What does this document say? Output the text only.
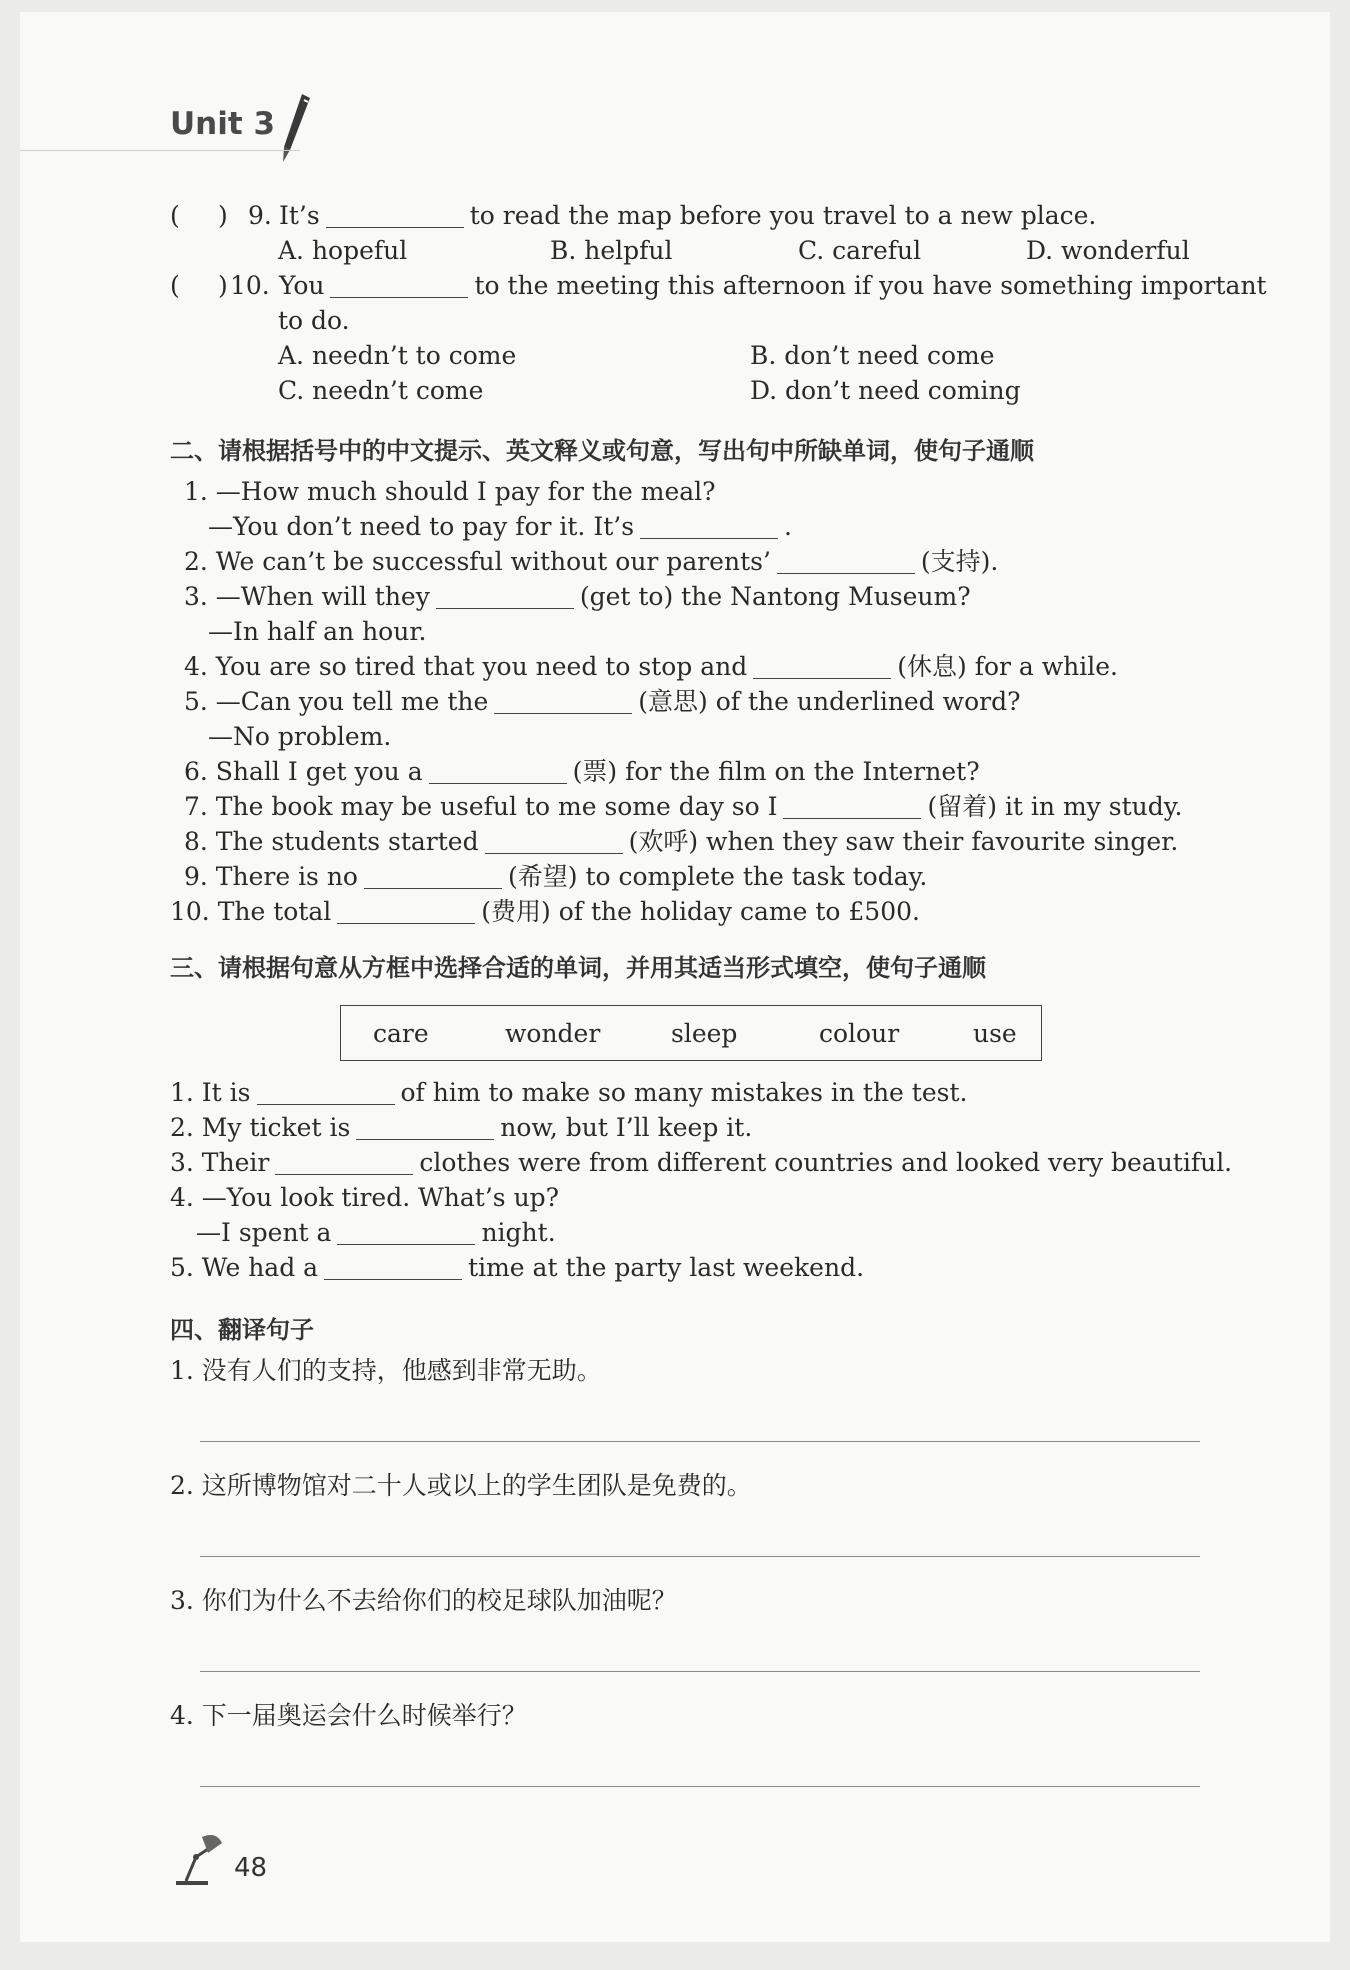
Unit 3
( ) 9. It’s	to read the map before you travel to a new place.
A. hopeful	B. helpful	C. careful	D. wonderful
( ) 10. You	to the meeting this afternoon if you have something important
to do.
A. needn’t to come	B. don’t need come
C. needn’t come	D. don’t need coming
二、请根据括号中的中文提示、英文释义或句意，写出句中所缺单词，使句子通顺
1. —How much should I pay for the meal?
—You don’t need to pay for it. It’s	.
2. We can’t be successful without our parents’	(支持).
3. —When will they	(get to) the Nantong Museum?
—In half an hour.
4. You are so tired that you need to stop and	(休息) for a while.
5. —Can you tell me the	(意思) of the underlined word?
—No problem.
6. Shall I get you a	(票) for the film on the Internet?
7. The book may be useful to me some day so I	(留着) it in my study.
8. The students started	(欢呼) when they saw their favourite singer.
9. There is no	(希望) to complete the task today.
10. The total	(费用) of the holiday came to £500.
三、请根据句意从方框中选择合适的单词，并用其适当形式填空，使句子通顺
care	wonder	sleep	colour	use
1. It is	of him to make so many mistakes in the test.
2. My ticket is	now, but I’ll keep it.
3. Their	clothes were from different countries and looked very beautiful.
4. —You look tired. What’s up?
—I spent a	night.
5. We had a	time at the party last weekend.
四、翻译句子
1. 没有人们的支持，他感到非常无助。
2. 这所博物馆对二十人或以上的学生团队是免费的。
3. 你们为什么不去给你们的校足球队加油呢？
4. 下一届奥运会什么时候举行？
48
